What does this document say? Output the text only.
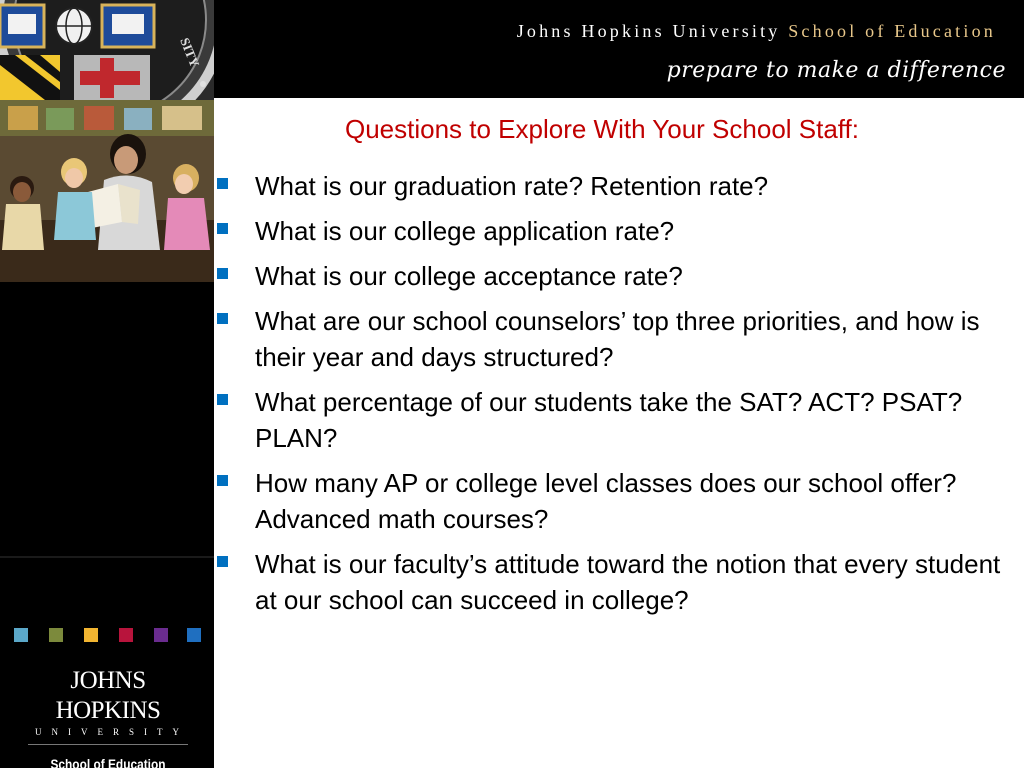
SITY
JOHNS HOPKINS
UNIVERSITY
School of Education
Johns Hopkins University School of Education
prepare to make a difference
Questions to Explore With Your School Staff:
What is our graduation rate? Retention rate?
What is our college application rate?
What is our college acceptance rate?
What are our school counselors’ top three priorities, and how is their year and days structured?
What percentage of our students take the SAT? ACT? PSAT? PLAN?
How many AP or college level classes does our school offer? Advanced math courses?
What is our faculty’s attitude toward the notion that every student at our school can succeed in college?
